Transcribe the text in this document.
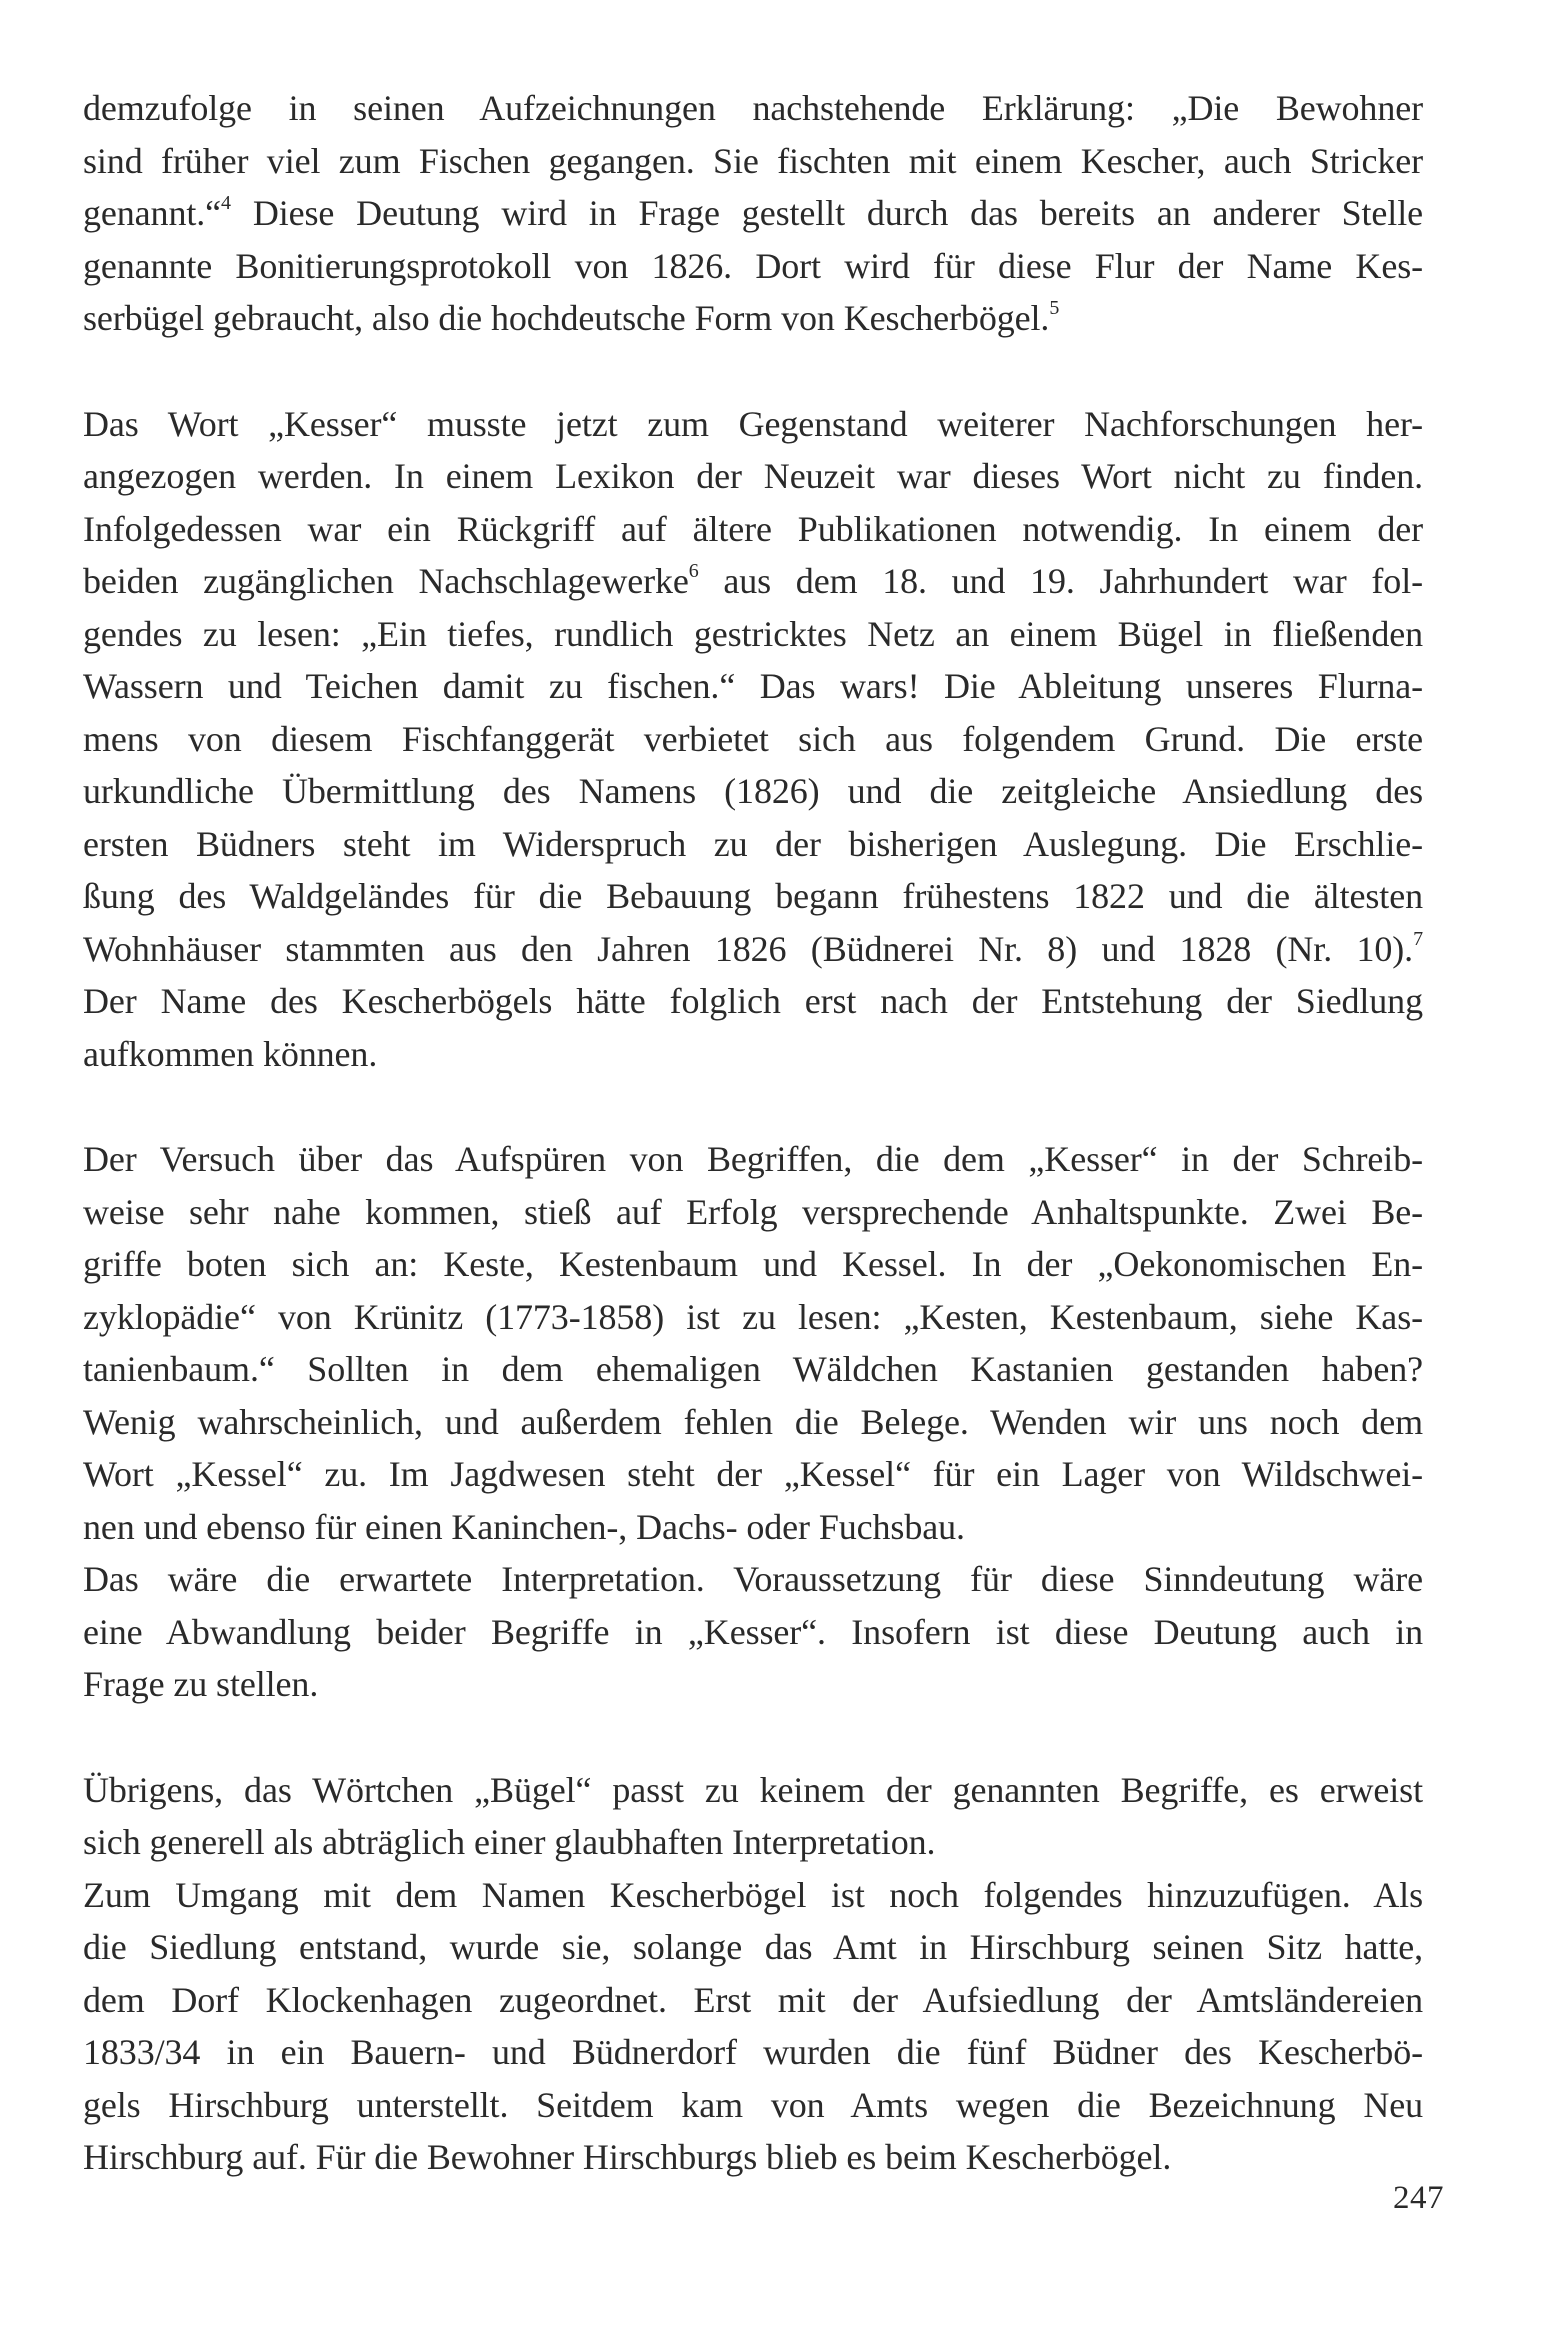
demzufolge in seinen Aufzeichnungen nachstehende Erklärung: „Die Bewohner
sind früher viel zum Fischen gegangen. Sie fischten mit einem Kescher, auch Stricker
genannt.“$^4$ Diese Deutung wird in Frage gestellt durch das bereits an anderer Stelle
genannte Bonitierungsprotokoll von 1826. Dort wird für diese Flur der Name Kes-
serbügel gebraucht, also die hochdeutsche Form von Kescherbögel.$^5$
Das Wort „Kesser“ musste jetzt zum Gegenstand weiterer Nachforschungen her-
angezogen werden. In einem Lexikon der Neuzeit war dieses Wort nicht zu finden.
Infolgedessen war ein Rückgriff auf ältere Publikationen notwendig. In einem der
beiden zugänglichen Nachschlagewerke$^6$ aus dem 18. und 19. Jahrhundert war fol-
gendes zu lesen: „Ein tiefes, rundlich gestricktes Netz an einem Bügel in fließenden
Wassern und Teichen damit zu fischen.“ Das wars! Die Ableitung unseres Flurna-
mens von diesem Fischfanggerät verbietet sich aus folgendem Grund. Die erste
urkundliche Übermittlung des Namens (1826) und die zeitgleiche Ansiedlung des
ersten Büdners steht im Widerspruch zu der bisherigen Auslegung. Die Erschlie-
ßung des Waldgeländes für die Bebauung begann frühestens 1822 und die ältesten
Wohnhäuser stammten aus den Jahren 1826 (Büdnerei Nr. 8) und 1828 (Nr. 10).$^7$
Der Name des Kescherbögels hätte folglich erst nach der Entstehung der Siedlung
aufkommen können.
Der Versuch über das Aufspüren von Begriffen, die dem „Kesser“ in der Schreib-
weise sehr nahe kommen, stieß auf Erfolg versprechende Anhaltspunkte. Zwei Be-
griffe boten sich an: Keste, Kestenbaum und Kessel. In der „Oekonomischen En-
zyklopädie“ von Krünitz (1773-1858) ist zu lesen: „Kesten, Kestenbaum, siehe Kas-
tanienbaum.“ Sollten in dem ehemaligen Wäldchen Kastanien gestanden haben?
Wenig wahrscheinlich, und außerdem fehlen die Belege. Wenden wir uns noch dem
Wort „Kessel“ zu. Im Jagdwesen steht der „Kessel“ für ein Lager von Wildschwei-
nen und ebenso für einen Kaninchen-, Dachs- oder Fuchsbau.
Das wäre die erwartete Interpretation. Voraussetzung für diese Sinndeutung wäre
eine Abwandlung beider Begriffe in „Kesser“. Insofern ist diese Deutung auch in
Frage zu stellen.
Übrigens, das Wörtchen „Bügel“ passt zu keinem der genannten Begriffe, es erweist
sich generell als abträglich einer glaubhaften Interpretation.
Zum Umgang mit dem Namen Kescherbögel ist noch folgendes hinzuzufügen. Als
die Siedlung entstand, wurde sie, solange das Amt in Hirschburg seinen Sitz hatte,
dem Dorf Klockenhagen zugeordnet. Erst mit der Aufsiedlung der Amtsländereien
1833/34 in ein Bauern- und Büdnerdorf wurden die fünf Büdner des Kescherbö-
gels Hirschburg unterstellt. Seitdem kam von Amts wegen die Bezeichnung Neu
Hirschburg auf. Für die Bewohner Hirschburgs blieb es beim Kescherbögel.
247
